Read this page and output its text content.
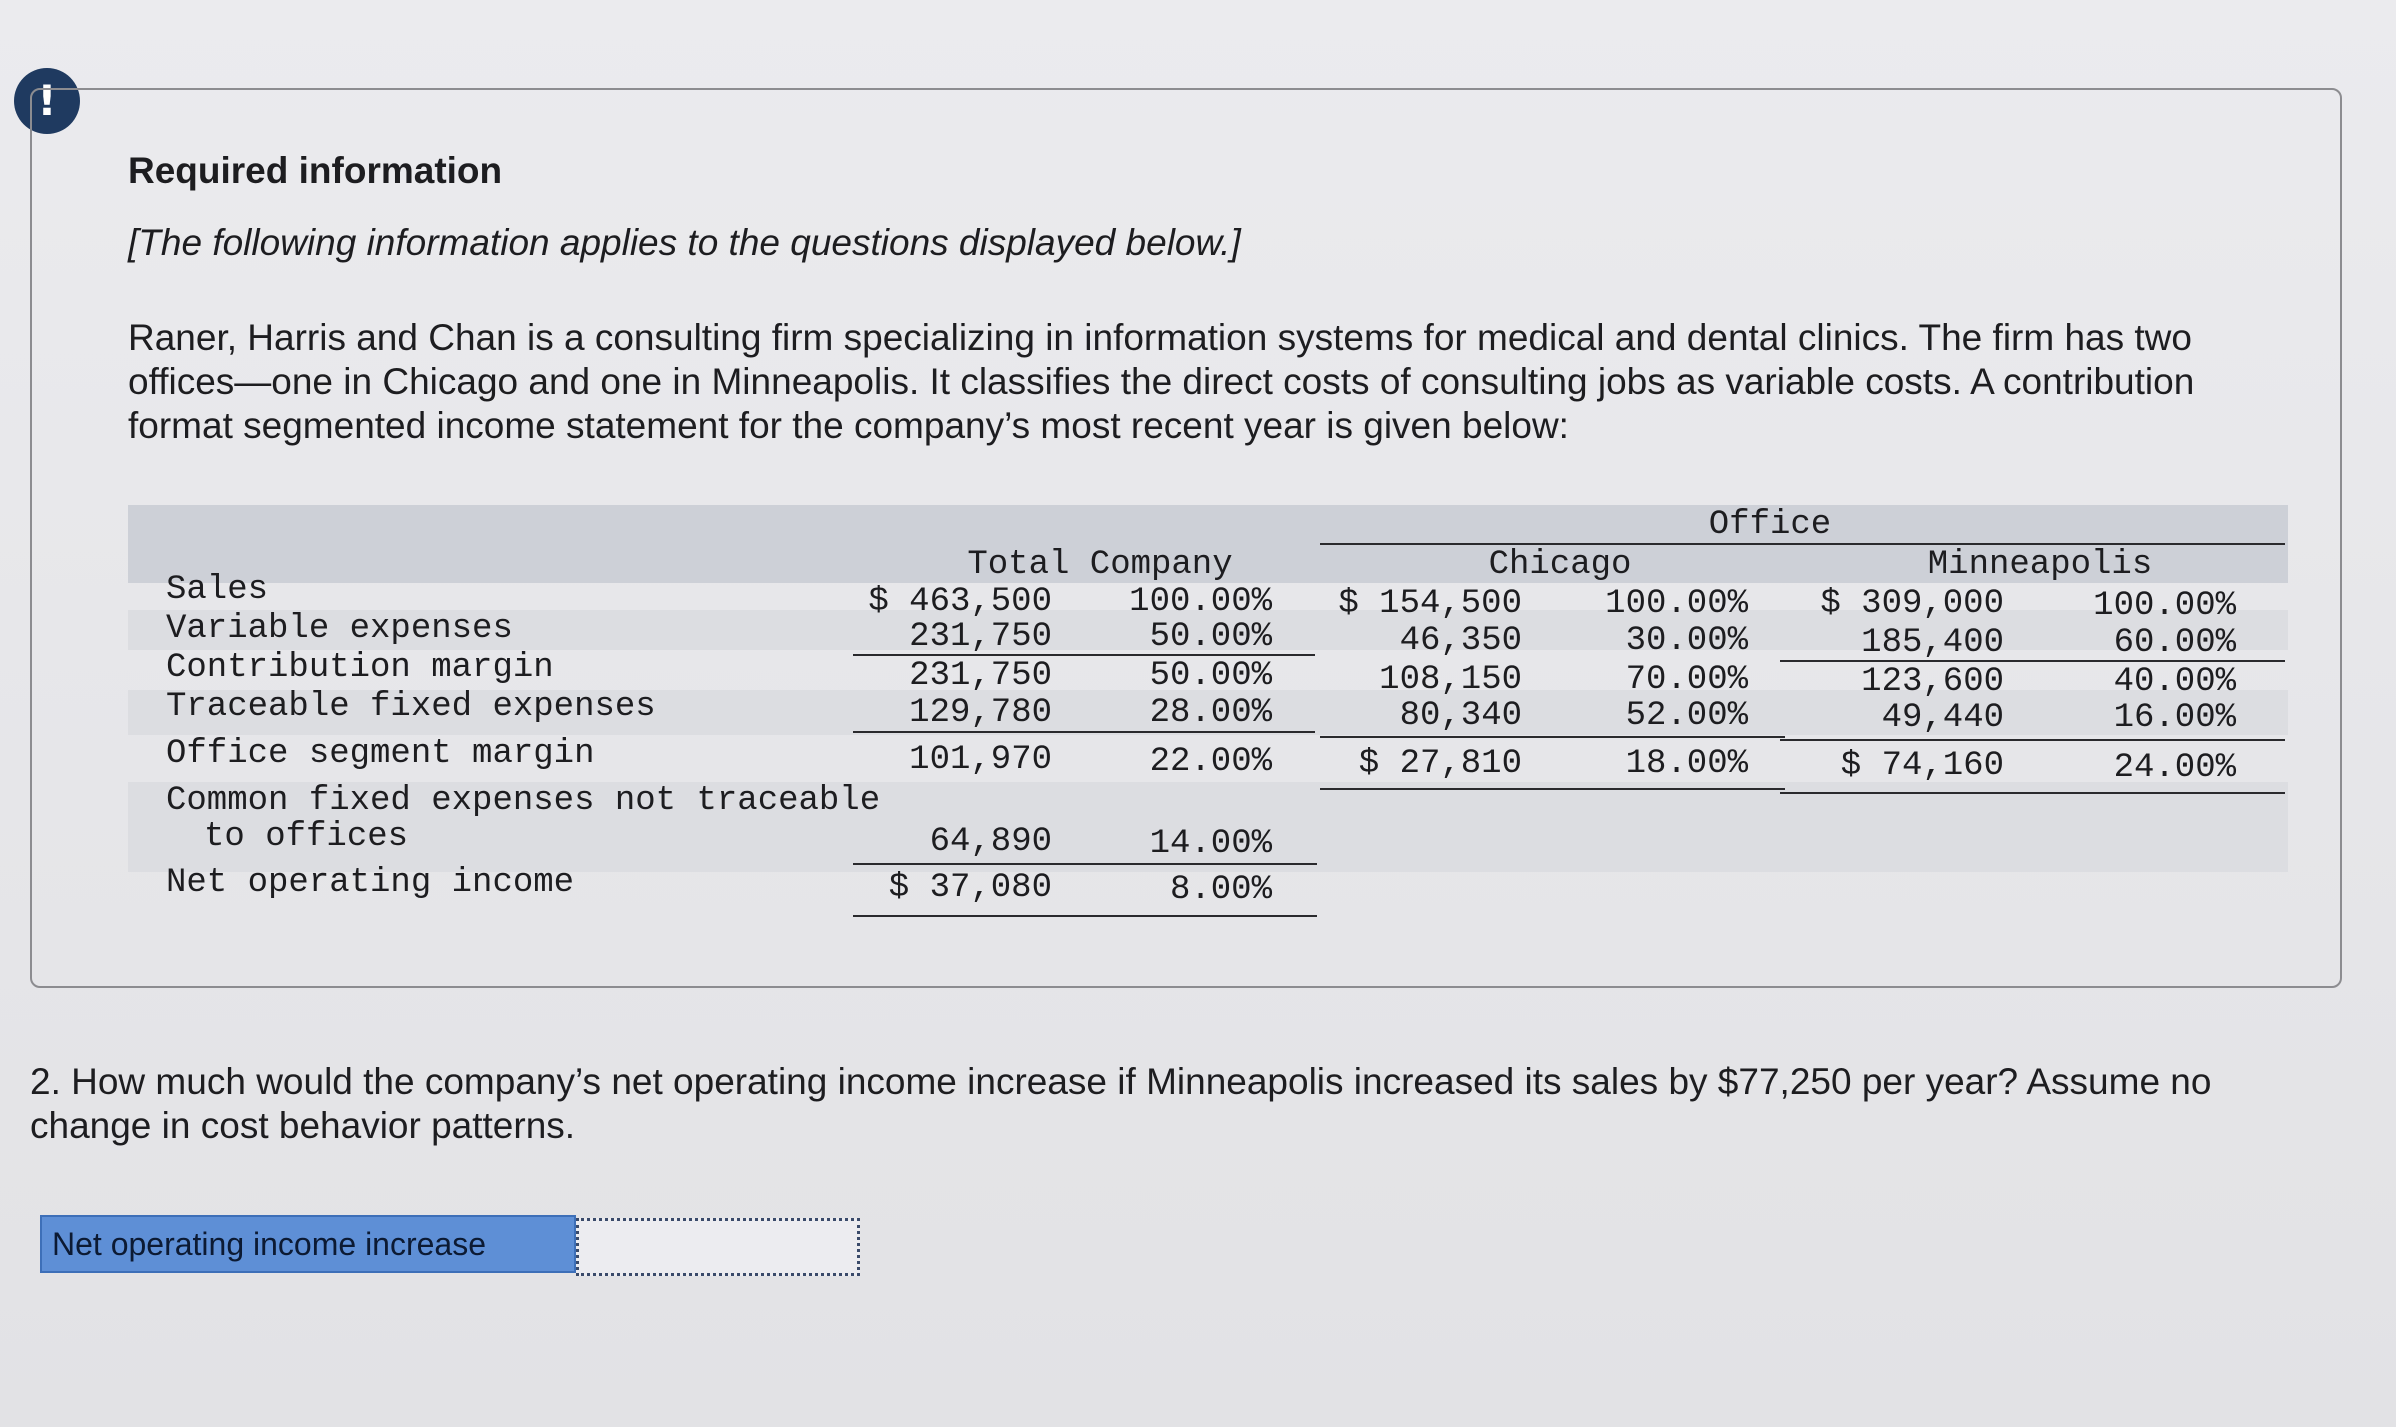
!
Required information
[The following information applies to the questions displayed below.]
Raner, Harris and Chan is a consulting firm specializing in information systems for medical and dental clinics. The firm has two offices—one in Chicago and one in Minneapolis. It classifies the direct costs of consulting jobs as variable costs. A contribution format segmented income statement for the company’s most recent year is given below:
Office
Total Company	Chicago	Minneapolis
Sales	$ 463,500	100.00% $ 154,500	100.00%	$ 309,000	100.00%
Variable expenses	231,750	50.00%	46,350	30.00%	185,400	60.00%
Contribution margin	231,750	50.00%	108,150	70.00%	123,600	40.00%
Traceable fixed expenses	129,780	28.00%	80,340	52.00%	49,440	16.00%
Office segment margin	101,970	22.00%	$ 27,810	18.00%	$ 74,160	24.00%
Common fixed expenses not traceable
to offices	64,890	14.00%
Net operating income	$ 37,080	8.00%
2. How much would the company’s net operating income increase if Minneapolis increased its sales by $77,250 per year? Assume no change in cost behavior patterns.
Net operating income increase
